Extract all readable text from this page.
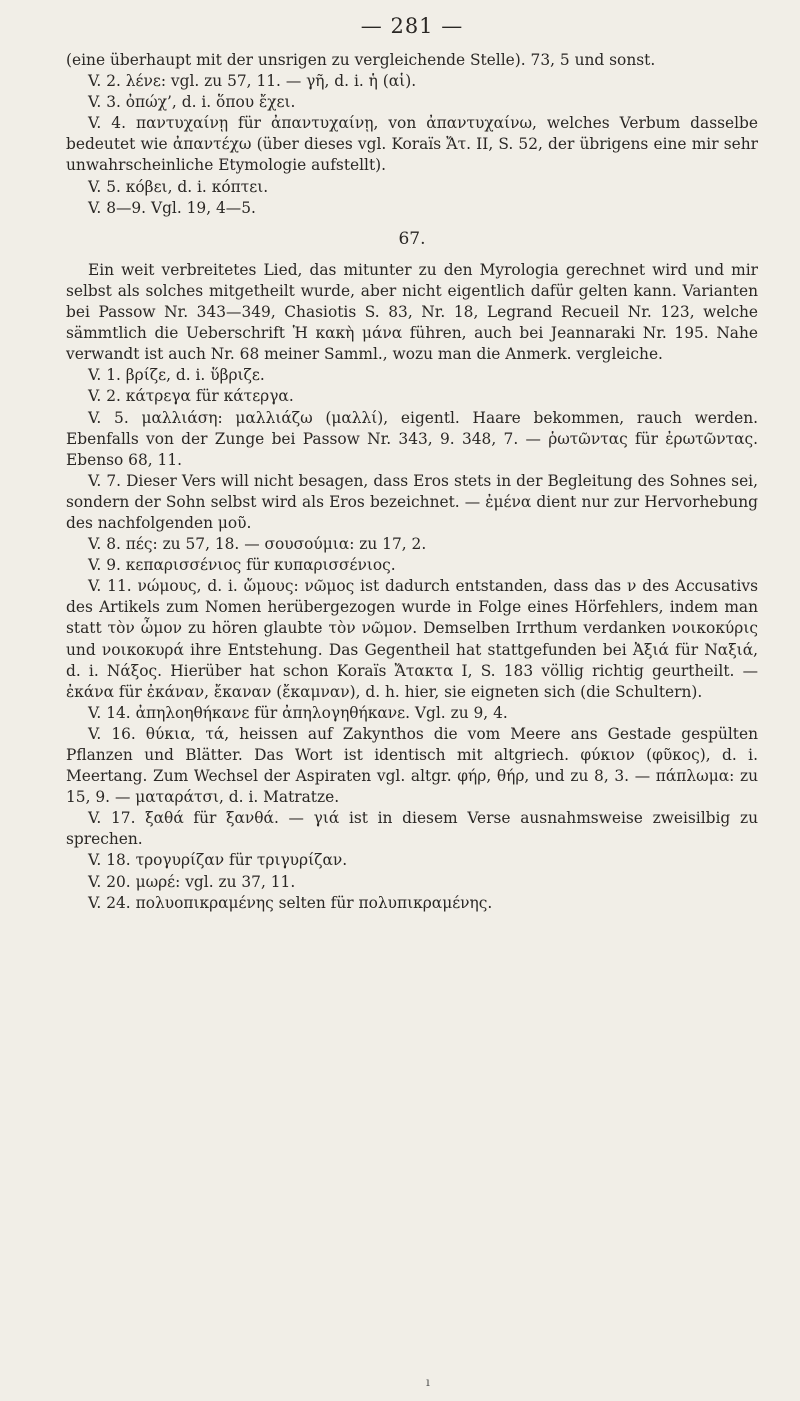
— 281 —

(eine überhaupt mit der unsrigen zu vergleichende Stelle). 73, 5 und sonst.

V. 2. λένε: vgl. zu 57, 11. — γῆ, d. i. ἡ (αἱ).

V. 3. ὀπώχ’, d. i. ὅπου ἔχει.

V. 4. παντυχαίνῃ für ἀπαντυχαίνῃ, von ἀπαντυχαίνω, welches Verbum dasselbe bedeutet wie ἀπαντέχω (über dieses vgl. Koraïs Ἄτ. II, S. 52, der übrigens eine mir sehr unwahrscheinliche Etymologie aufstellt).

V. 5. κόβει, d. i. κόπτει.

V. 8—9. Vgl. 19, 4—5.

67.

Ein weit verbreitetes Lied, das mitunter zu den Myrologia gerechnet wird und mir selbst als solches mitgetheilt wurde, aber nicht eigentlich dafür gelten kann. Varianten bei Passow Nr. 343—349, Chasiotis S. 83, Nr. 18, Legrand Recueil Nr. 123, welche sämmtlich die Ueberschrift Ἡ κακὴ μάνα führen, auch bei Jeannaraki Nr. 195. Nahe verwandt ist auch Nr. 68 meiner Samml., wozu man die Anmerk. vergleiche.

V. 1. βρίζε, d. i. ὕβριζε.

V. 2. κάτρεγα für κάτεργα.

V. 5. μαλλιάση: μαλλιάζω (μαλλί), eigentl. Haare bekommen, rauch werden. Ebenfalls von der Zunge bei Passow Nr. 343, 9. 348, 7. — ῥωτῶντας für ἐρωτῶντας. Ebenso 68, 11.

V. 7. Dieser Vers will nicht besagen, dass Eros stets in der Begleitung des Sohnes sei, sondern der Sohn selbst wird als Eros bezeichnet. — ἐμένα dient nur zur Hervorhebung des nachfolgenden μοῦ.

V. 8. πές: zu 57, 18. — σουσούμια: zu 17, 2.

V. 9. κεπαρισσένιος für κυπαρισσένιος.

V. 11. νώμους, d. i. ὤμους: νῶμος ist dadurch entstanden, dass das ν des Accusativs des Artikels zum Nomen herübergezogen wurde in Folge eines Hörfehlers, indem man statt τὸν ὦμον zu hören glaubte τὸν νῶμον. Demselben Irrthum verdanken νοικοκύρις und νοικοκυρά ihre Entstehung. Das Gegentheil hat stattgefunden bei Ἀξιά für Ναξιά, d. i. Νάξος. Hierüber hat schon Koraïs Ἄτακτα I, S. 183 völlig richtig geurtheilt. — ἐκάνα für ἐκάναν, ἔκαναν (ἔκαμναν), d. h. hier, sie eigneten sich (die Schultern).

V. 14. ἀπηλοηθήκανε für ἀπηλογηθήκανε. Vgl. zu 9, 4.

V. 16. θύκια, τά, heissen auf Zakynthos die vom Meere ans Gestade gespülten Pflanzen und Blätter. Das Wort ist identisch mit altgriech. φύκιον (φῦκος), d. i. Meertang. Zum Wechsel der Aspiraten vgl. altgr. φήρ, θήρ, und zu 8, 3. — πάπλωμα: zu 15, 9. — ματαράτσι, d. i. Matratze.

V. 17. ξαθά für ξανθά. — γιά ist in diesem Verse ausnahmsweise zweisilbig zu sprechen.

V. 18. τρογυρίζαν für τριγυρίζαν.

V. 20. μωρέ: vgl. zu 37, 11.

V. 24. πολυοπικραμένης selten für πολυπικραμένης.

ı
